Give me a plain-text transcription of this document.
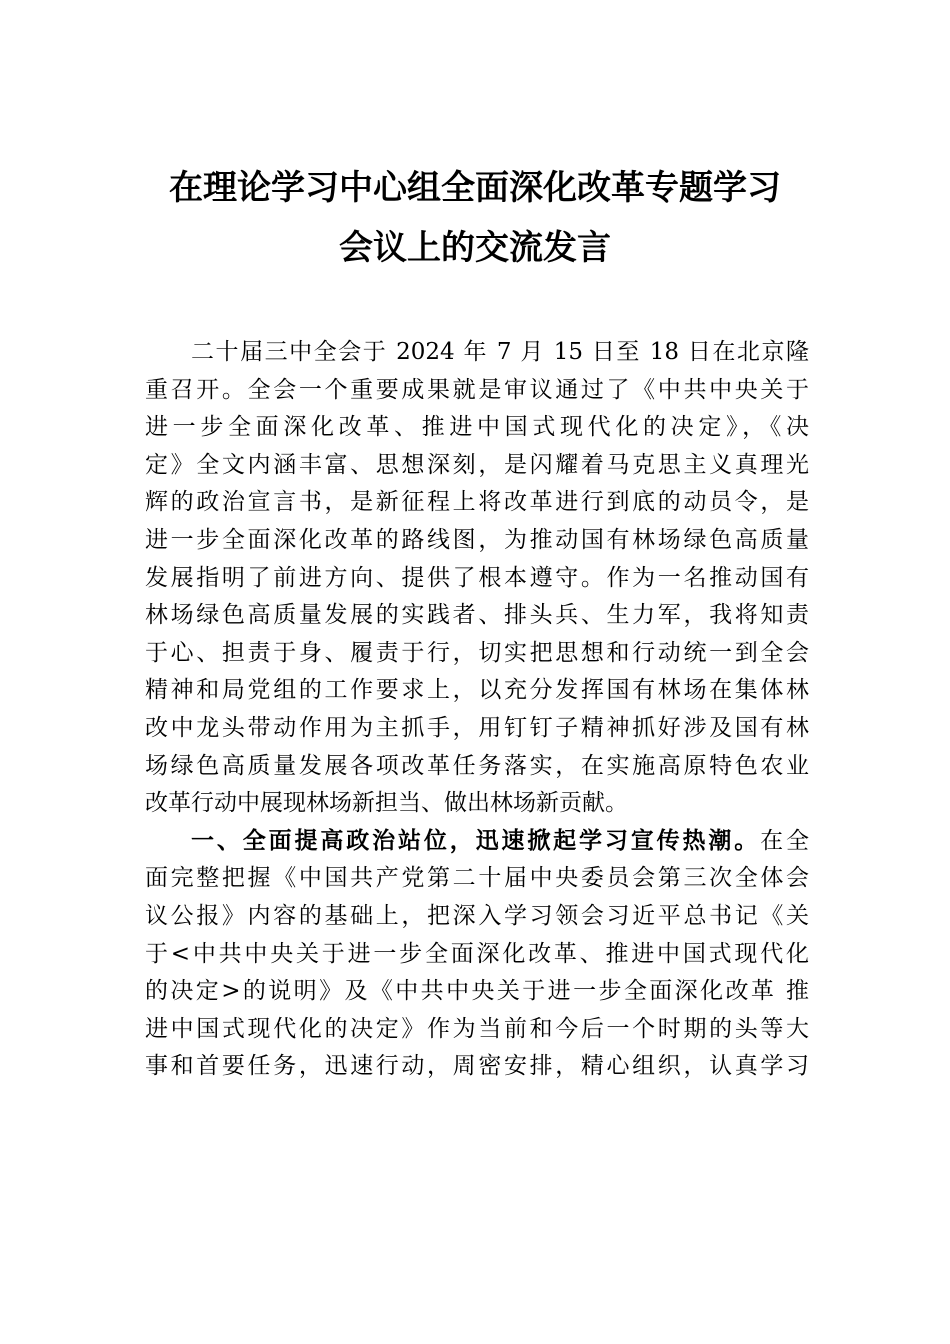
在理论学习中心组全面深化改革专题学习
会议上的交流发言
二十届三中全会于 2024 年 7 月 15 日至 18 日在北京隆
重召开。全会一个重要成果就是审议通过了《中共中央关于
进一步全面深化改革、推进中国式现代化的决定》，《决
定》全文内涵丰富、思想深刻，是闪耀着马克思主义真理光
辉的政治宣言书，是新征程上将改革进行到底的动员令，是
进一步全面深化改革的路线图，为推动国有林场绿色高质量
发展指明了前进方向、提供了根本遵守。作为一名推动国有
林场绿色高质量发展的实践者、排头兵、生力军，我将知责
于心、担责于身、履责于行，切实把思想和行动统一到全会
精神和局党组的工作要求上，以充分发挥国有林场在集体林
改中龙头带动作用为主抓手，用钉钉子精神抓好涉及国有林
场绿色高质量发展各项改革任务落实，在实施高原特色农业
改革行动中展现林场新担当、做出林场新贡献。
一、全面提高政治站位，迅速掀起学习宣传热潮。在全
面完整把握《中国共产党第二十届中央委员会第三次全体会
议公报》内容的基础上，把深入学习领会习近平总书记《关
于<中共中央关于进一步全面深化改革、推进中国式现代化
的决定>的说明》及《中共中央关于进一步全面深化改革 推
进中国式现代化的决定》作为当前和今后一个时期的头等大
事和首要任务，迅速行动，周密安排，精心组织，认真学习
